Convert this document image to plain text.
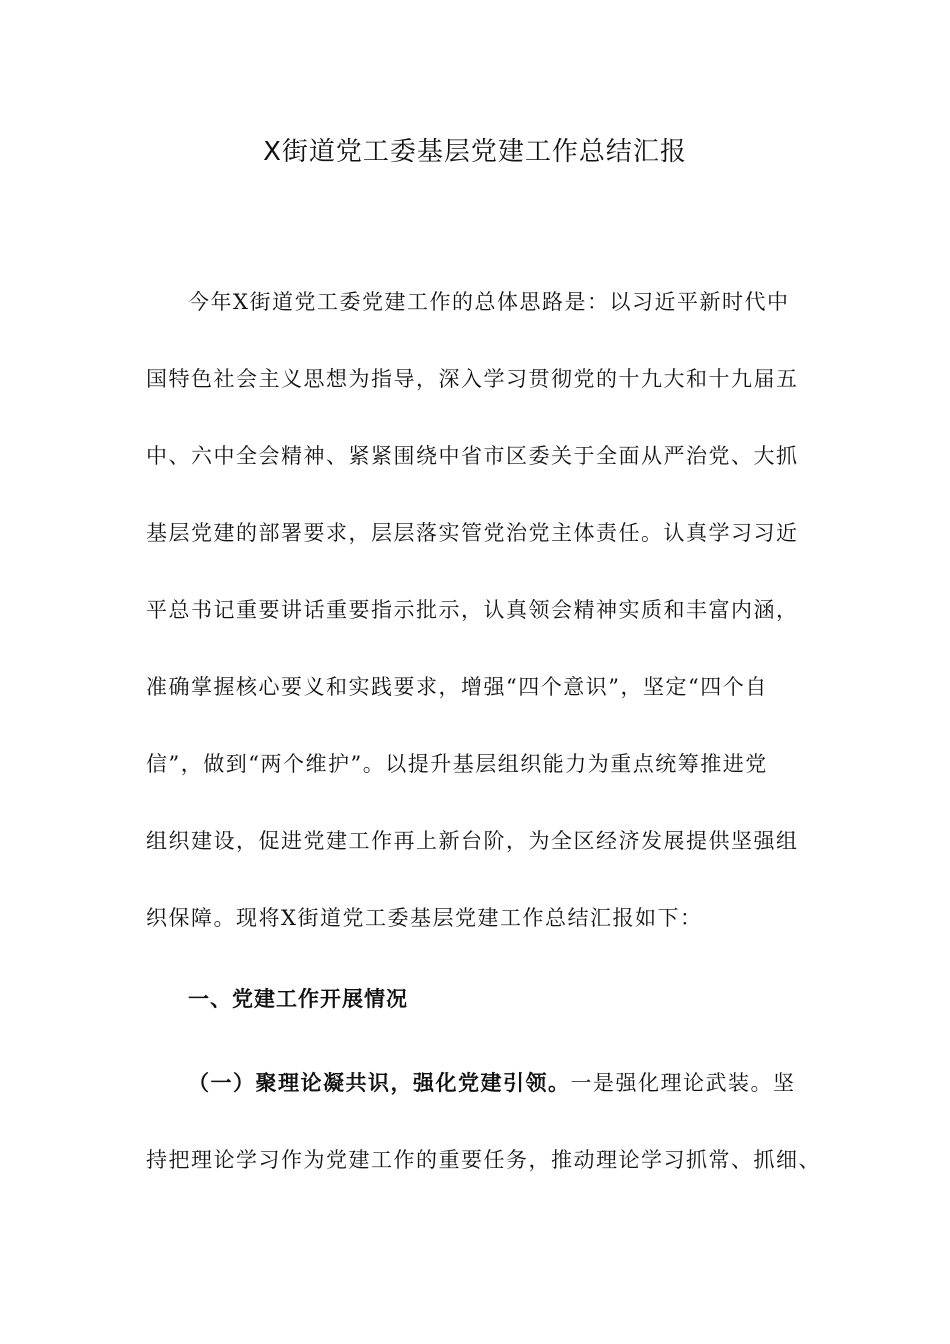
X街道党工委基层党建工作总结汇报
今年X街道党工委党建工作的总体思路是：以习近平新时代中
国特色社会主义思想为指导，深入学习贯彻党的十九大和十九届五
中、六中全会精神、紧紧围绕中省市区委关于全面从严治党、大抓
基层党建的部署要求，层层落实管党治党主体责任。认真学习习近
平总书记重要讲话重要指示批示，认真领会精神实质和丰富内涵，
准确掌握核心要义和实践要求，增强“四个意识”，坚定“四个自
信”，做到“两个维护”。以提升基层组织能力为重点统筹推进党
组织建设，促进党建工作再上新台阶，为全区经济发展提供坚强组
织保障。现将X街道党工委基层党建工作总结汇报如下：
一、党建工作开展情况
（一）聚理论凝共识，强化党建引领。一是强化理论武装。坚
持把理论学习作为党建工作的重要任务，推动理论学习抓常、抓细、
